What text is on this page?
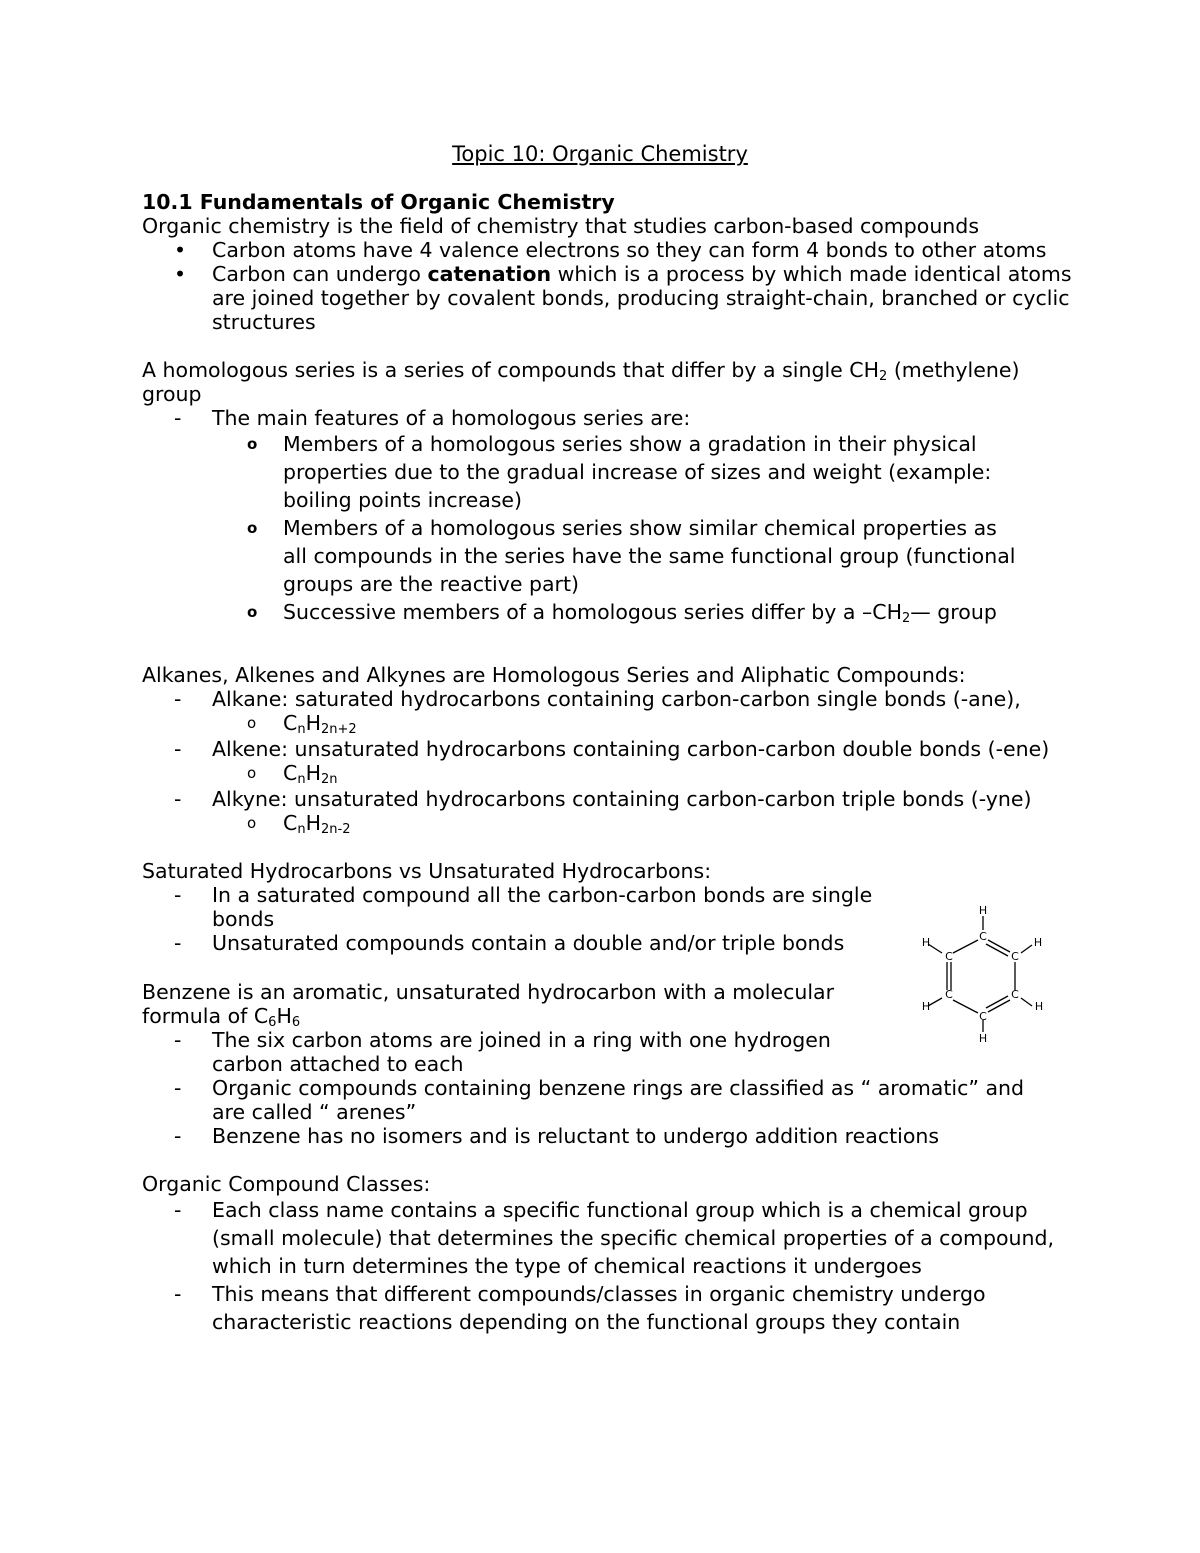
Topic 10: Organic Chemistry
10.1 Fundamentals of Organic Chemistry
Organic chemistry is the field of chemistry that studies carbon-based compounds
• Carbon atoms have 4 valence electrons so they can form 4 bonds to other atoms
• Carbon can undergo catenation which is a process by which made identical atoms are joined together by covalent bonds, producing straight-chain, branched or cyclic structures
A homologous series is a series of compounds that differ by a single $CH_2$ (methylene) group
- The main features of a homologous series are:
o Members of a homologous series show a gradation in their physical properties due to the gradual increase of sizes and weight (example: boiling points increase)
o Members of a homologous series show similar chemical properties as all compounds in the series have the same functional group (functional groups are the reactive part)
o Successive members of a homologous series differ by a $-CH_2—$ group
Alkanes, Alkenes and Alkynes are Homologous Series and Aliphatic Compounds:
- Alkane: saturated hydrocarbons containing carbon-carbon single bonds (-ane),
o $C_nH_{2n+2}$
- Alkene: unsaturated hydrocarbons containing carbon-carbon double bonds (-ene)
o $C_nH_{2n}$
- Alkyne: unsaturated hydrocarbons containing carbon-carbon triple bonds (-yne)
o $C_nH_{2n-2}$
Saturated Hydrocarbons vs Unsaturated Hydrocarbons:
- In a saturated compound all the carbon-carbon bonds are single bonds
- Unsaturated compounds contain a double and/or triple bonds
Benzene is an aromatic, unsaturated hydrocarbon with a molecular formula of $C_6H_6$
- The six carbon atoms are joined in a ring with one hydrogen carbon attached to each
- Organic compounds containing benzene rings are classified as “ aromatic” and are called “ arenes”
- Benzene has no isomers and is reluctant to undergo addition reactions
Organic Compound Classes:
- Each class name contains a specific functional group which is a chemical group (small molecule) that determines the specific chemical properties of a compound, which in turn determines the type of chemical reactions it undergoes
- This means that different compounds/classes in organic chemistry undergo characteristic reactions depending on the functional groups they contain
H
C
H
C	C
H
C
H
C
H
C
H
